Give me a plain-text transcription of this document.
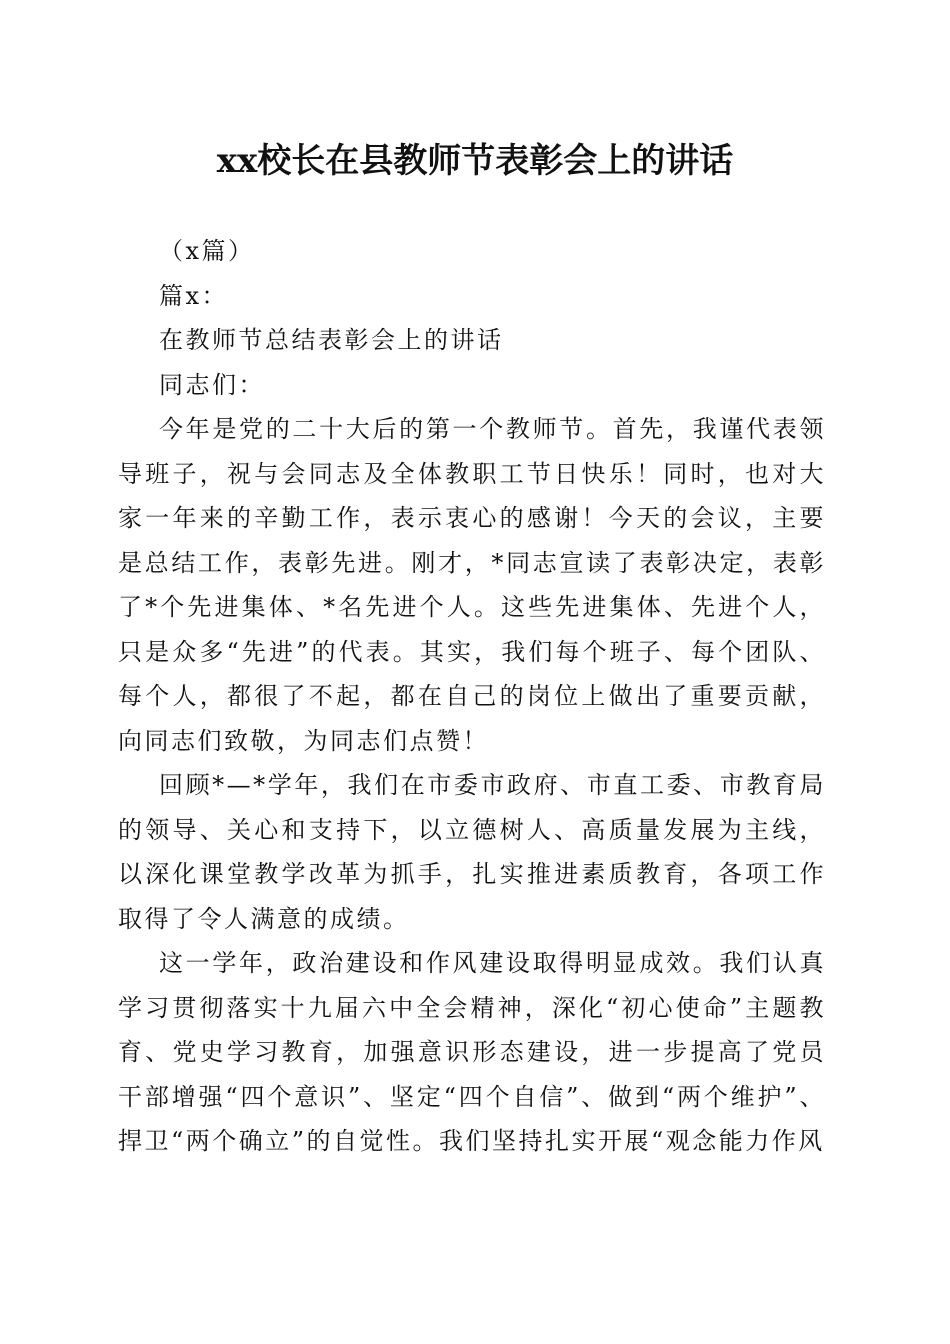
xx校长在县教师节表彰会上的讲话

（x篇）

篇x：

在教师节总结表彰会上的讲话

同志们：

今年是党的二十大后的第一个教师节。首先，我谨代表领导班子，祝与会同志及全体教职工节日快乐！同时，也对大家一年来的辛勤工作，表示衷心的感谢！今天的会议，主要是总结工作，表彰先进。刚才，*同志宣读了表彰决定，表彰了*个先进集体、*名先进个人。这些先进集体、先进个人，只是众多“先进”的代表。其实，我们每个班子、每个团队、每个人，都很了不起，都在自己的岗位上做出了重要贡献，向同志们致敬，为同志们点赞！

回顾*—*学年，我们在市委市政府、市直工委、市教育局的领导、关心和支持下，以立德树人、高质量发展为主线，以深化课堂教学改革为抓手，扎实推进素质教育，各项工作取得了令人满意的成绩。

这一学年，政治建设和作风建设取得明显成效。我们认真学习贯彻落实十九届六中全会精神，深化“初心使命”主题教育、党史学习教育，加强意识形态建设，进一步提高了党员干部增强“四个意识”、坚定“四个自信”、做到“两个维护”、捍卫“两个确立”的自觉性。我们坚持扎实开展“观念能力作风
